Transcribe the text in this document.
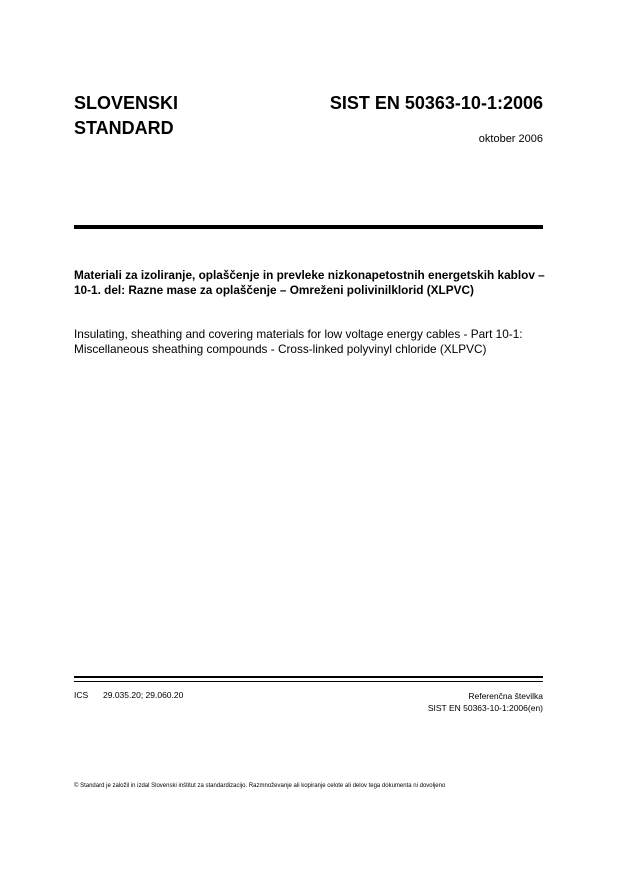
SLOVENSKI
STANDARD
SIST EN 50363-10-1:2006
oktober 2006
Materiali za izoliranje, oplaščenje in prevleke nizkonapetostnih energetskih kablov – 10-1. del: Razne mase za oplaščenje – Omreženi polivinilklorid (XLPVC)
Insulating, sheathing and covering materials for low voltage energy cables - Part 10-1: Miscellaneous sheathing compounds - Cross-linked polyvinyl chloride (XLPVC)
ICS 29.035.20; 29.060.20	Referenčna številka
SIST EN 50363-10-1:2006(en)
© Standard je založil in izdal Slovenski inštitut za standardizacijo. Razmnoževanje ali kopiranje celote ali delov tega dokumenta ni dovoljeno
